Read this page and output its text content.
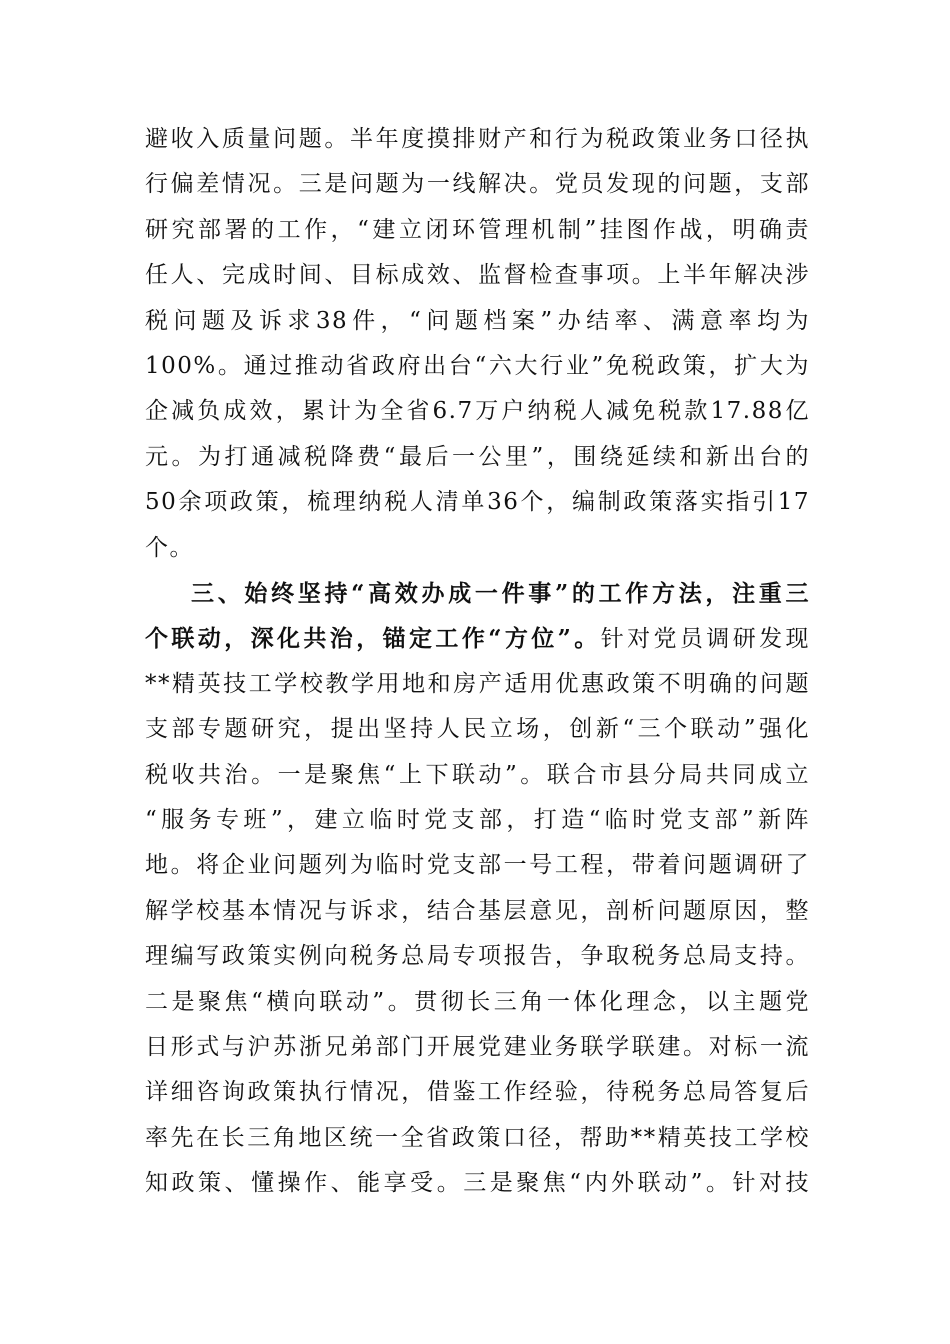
避收入质量问题。半年度摸排财产和行为税政策业务口径执
行偏差情况。三是问题为一线解决。党员发现的问题，支部
研究部署的工作，“建立闭环管理机制”挂图作战，明确责
任人、完成时间、目标成效、监督检查事项。上半年解决涉
税问题及诉求38件，“问题档案”办结率、满意率均为
100%。通过推动省政府出台“六大行业”免税政策，扩大为
企减负成效，累计为全省6.7万户纳税人减免税款17.88亿
元。为打通减税降费“最后一公里”，围绕延续和新出台的
50余项政策，梳理纳税人清单36个，编制政策落实指引17
个。
三、始终坚持“高效办成一件事”的工作方法，注重三
个联动，深化共治，锚定工作“方位”。针对党员调研发现
**精英技工学校教学用地和房产适用优惠政策不明确的问题
支部专题研究，提出坚持人民立场，创新“三个联动”强化
税收共治。一是聚焦“上下联动”。联合市县分局共同成立
“服务专班”，建立临时党支部，打造“临时党支部”新阵
地。将企业问题列为临时党支部一号工程，带着问题调研了
解学校基本情况与诉求，结合基层意见，剖析问题原因，整
理编写政策实例向税务总局专项报告，争取税务总局支持。
二是聚焦“横向联动”。贯彻长三角一体化理念，以主题党
日形式与沪苏浙兄弟部门开展党建业务联学联建。对标一流
详细咨询政策执行情况，借鉴工作经验，待税务总局答复后
率先在长三角地区统一全省政策口径，帮助**精英技工学校
知政策、懂操作、能享受。三是聚焦“内外联动”。针对技
